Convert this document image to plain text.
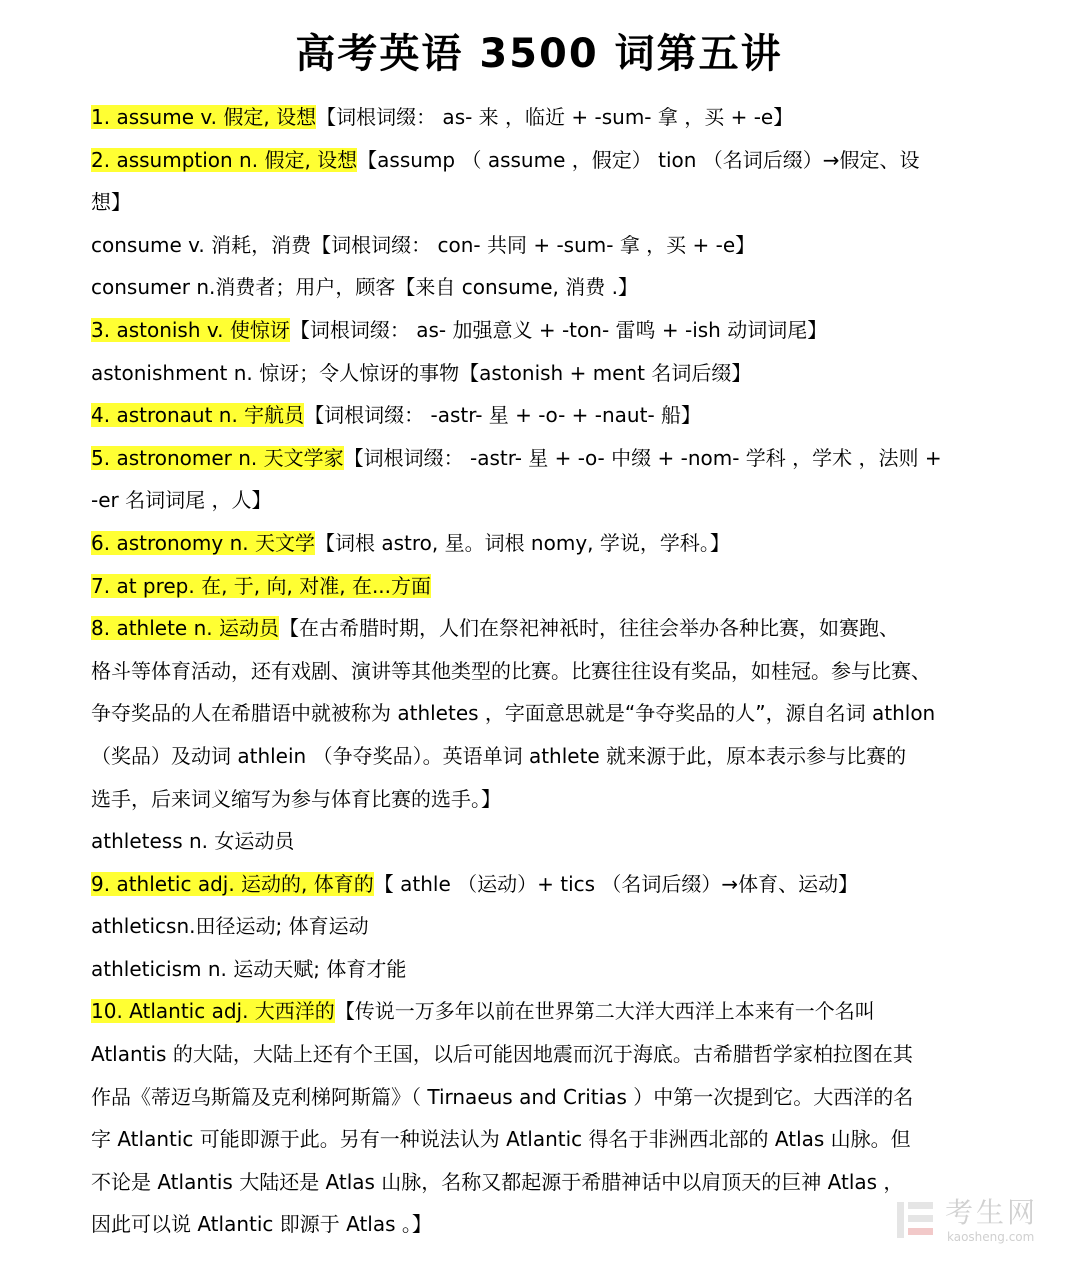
高考英语 3500 词第五讲
1. assume v. 假定, 设想【词根词缀： as- 来 ，临近 + -sum- 拿 ，买 + -e】
2. assumption n. 假定, 设想【assump （ assume ，假定） tion （名词后缀）→假定、设
想】
consume v. 消耗，消费【词根词缀： con- 共同 + -sum- 拿 ，买 + -e】
consumer n.消费者；用户，顾客【来自 consume, 消费 .】
3. astonish v. 使惊讶【词根词缀： as- 加强意义 + -ton- 雷鸣 + -ish 动词词尾】
astonishment n. 惊讶；令人惊讶的事物【astonish + ment 名词后缀】
4. astronaut n. 宇航员【词根词缀： -astr- 星 + -o- + -naut- 船】
5. astronomer n. 天文学家【词根词缀： -astr- 星 + -o- 中缀 + -nom- 学科 ，学术 ，法则 +
-er 名词词尾 ，人】
6. astronomy n. 天文学【词根 astro, 星。词根 nomy, 学说，学科。】
7. at prep. 在, 于, 向, 对准, 在...方面
8. athlete n. 运动员【在古希腊时期，人们在祭祀神祇时，往往会举办各种比赛，如赛跑、
格斗等体育活动，还有戏剧、演讲等其他类型的比赛。比赛往往设有奖品，如桂冠。参与比赛、
争夺奖品的人在希腊语中就被称为 athletes ，字面意思就是“争夺奖品的人”，源自名词 athlon
（奖品）及动词 athlein （争夺奖品）。英语单词 athlete 就来源于此，原本表示参与比赛的
选手，后来词义缩写为参与体育比赛的选手。】
athletess n. 女运动员
9. athletic adj. 运动的, 体育的【 athle （运动）+ tics （名词后缀）→体育、运动】
athleticsn.田径运动; 体育运动
athleticism n. 运动天赋; 体育才能
10. Atlantic adj. 大西洋的【传说一万多年以前在世界第二大洋大西洋上本来有一个名叫
Atlantis 的大陆，大陆上还有个王国，以后可能因地震而沉于海底。古希腊哲学家柏拉图在其
作品《蒂迈乌斯篇及克利梯阿斯篇》（ Tirnaeus and Critias ）中第一次提到它。大西洋的名
字 Atlantic 可能即源于此。另有一种说法认为 Atlantic 得名于非洲西北部的 Atlas 山脉。但
不论是 Atlantis 大陆还是 Atlas 山脉，名称又都起源于希腊神话中以肩顶天的巨神 Atlas ，
因此可以说 Atlantic 即源于 Atlas 。】	考生网
kaosheng.com
